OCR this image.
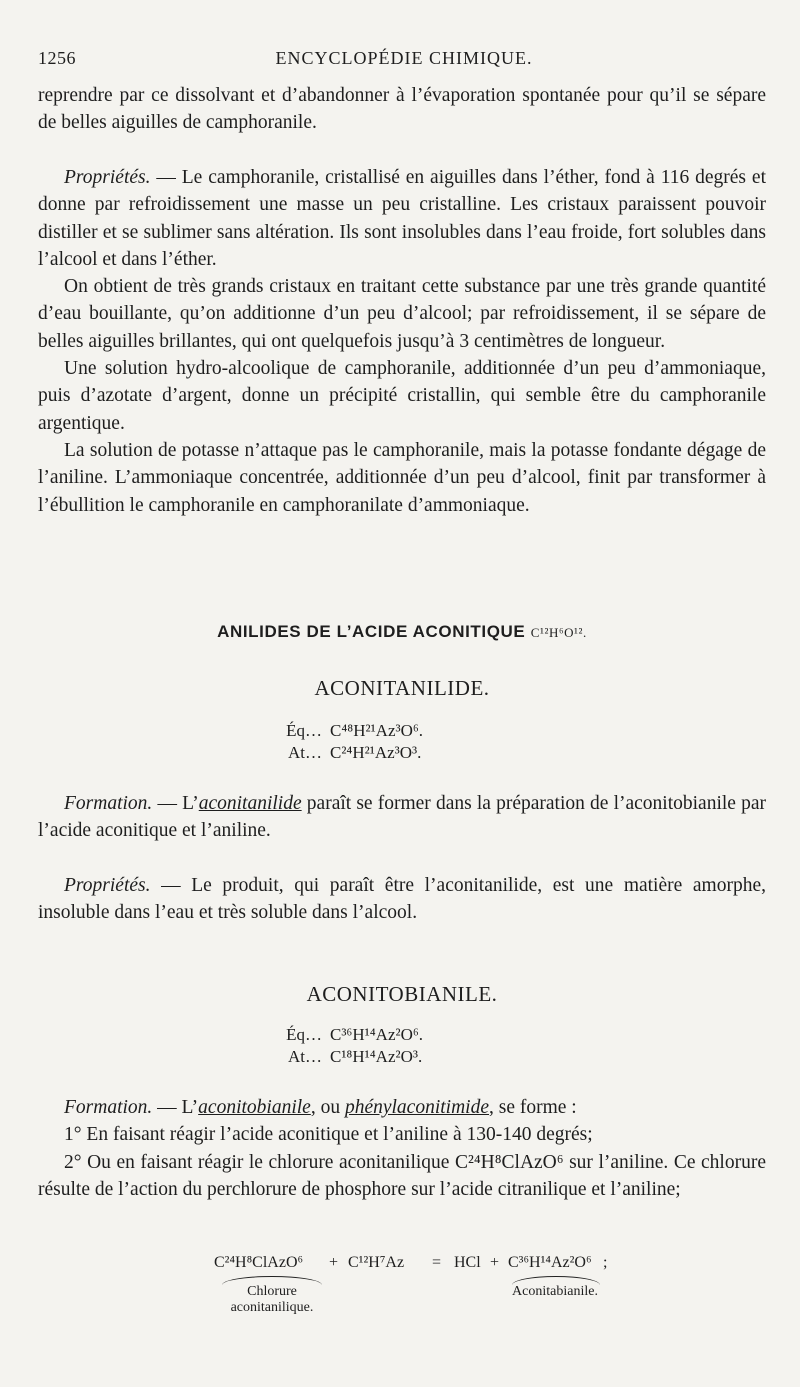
1256	ENCYCLOPÉDIE CHIMIQUE.

reprendre par ce dissolvant et d’abandonner à l’évaporation spontanée pour qu’il se sépare de belles aiguilles de camphoranile.

Propriétés. — Le camphoranile, cristallisé en aiguilles dans l’éther, fond à 116 degrés et donne par refroidissement une masse un peu cristalline. Les cristaux paraissent pouvoir distiller et se sublimer sans altération. Ils sont insolubles dans l’eau froide, fort solubles dans l’alcool et dans l’éther.

On obtient de très grands cristaux en traitant cette substance par une très grande quantité d’eau bouillante, qu’on additionne d’un peu d’alcool; par refroidissement, il se sépare de belles aiguilles brillantes, qui ont quelquefois jusqu’à 3 centimètres de longueur.

Une solution hydro-alcoolique de camphoranile, additionnée d’un peu d’ammoniaque, puis d’azotate d’argent, donne un précipité cristallin, qui semble être du camphoranile argentique.

La solution de potasse n’attaque pas le camphoranile, mais la potasse fondante dégage de l’aniline. L’ammoniaque concentrée, additionnée d’un peu d’alcool, finit par transformer à l’ébullition le camphoranile en camphoranilate d’ammoniaque.

ANILIDES DE L’ACIDE ACONITIQUE C¹²H⁶O¹².
ACONITANILIDE.
Éq… C⁴⁸H²¹Az³O⁶.
At… C²⁴H²¹Az³O³.

Formation. — L’aconitanilide paraît se former dans la préparation de l’aconitobianile par l’acide aconitique et l’aniline.

Propriétés. — Le produit, qui paraît être l’aconitanilide, est une matière amorphe, insoluble dans l’eau et très soluble dans l’alcool.

ACONITOBIANILE.
Éq… C³⁶H¹⁴Az²O⁶.
At… C¹⁸H¹⁴Az²O³.

Formation. — L’aconitobianile, ou phénylaconitimide, se forme :

1° En faisant réagir l’acide aconitique et l’aniline à 130-140 degrés;

2° Ou en faisant réagir le chlorure aconitanilique C²⁴H⁸ClAzO⁶ sur l’aniline. Ce chlorure résulte de l’action du perchlorure de phosphore sur l’acide citranilique et l’aniline;

C²⁴H⁸ClAzO⁶ + C¹²H⁷Az = HCl + C³⁶H¹⁴Az²O⁶ ;
Chlorure aconitanilique.
Aconitabianile.
